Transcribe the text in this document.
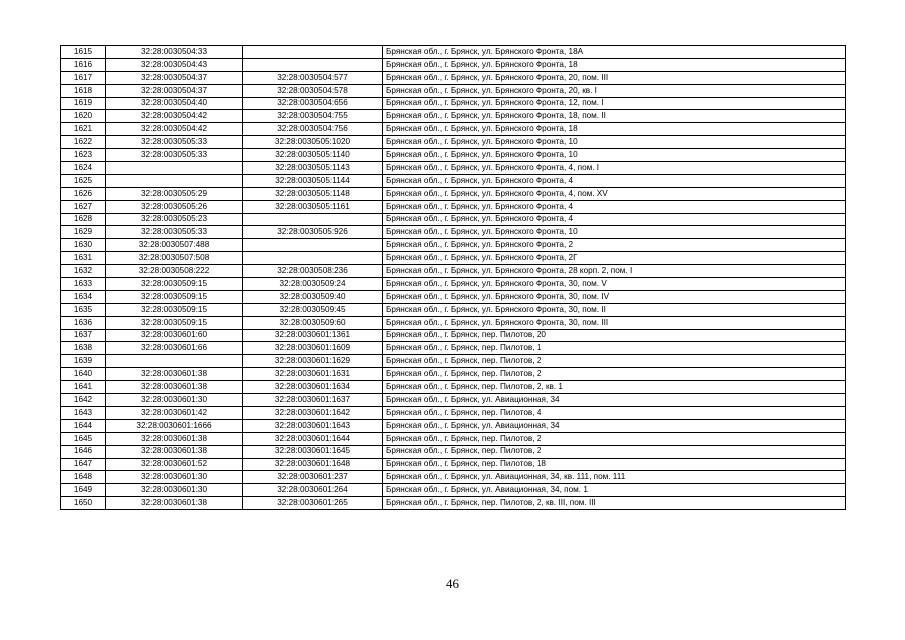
1615	32:28:0030504:33		Брянская обл., г. Брянск, ул. Брянского Фронта, 18А
1616	32:28:0030504:43		Брянская обл., г. Брянск, ул. Брянского Фронта, 18
1617	32:28:0030504:37	32:28:0030504:577	Брянская обл., г. Брянск, ул. Брянского Фронта, 20, пом. III
1618	32:28:0030504:37	32:28:0030504:578	Брянская обл., г. Брянск, ул. Брянского Фронта, 20, кв. I
1619	32:28:0030504:40	32:28:0030504:656	Брянская обл., г. Брянск, ул. Брянского Фронта, 12, пом. I
1620	32:28:0030504:42	32:28:0030504:755	Брянская обл., г. Брянск, ул. Брянского Фронта, 18, пом. II
1621	32:28:0030504:42	32:28:0030504:756	Брянская обл., г. Брянск, ул. Брянского Фронта, 18
1622	32:28:0030505:33	32:28:0030505:1020	Брянская обл., г. Брянск, ул. Брянского Фронта, 10
1623	32:28:0030505:33	32:28:0030505:1140	Брянская обл., г. Брянск, ул. Брянского Фронта, 10
1624		32:28:0030505:1143	Брянская обл., г. Брянск, ул. Брянского Фронта, 4, пом. I
1625		32:28:0030505:1144	Брянская обл., г. Брянск, ул. Брянского Фронта, 4
1626	32:28:0030505:29	32:28:0030505:1148	Брянская обл., г. Брянск, ул. Брянского Фронта, 4, пом. XV
1627	32:28:0030505:26	32:28:0030505:1161	Брянская обл., г. Брянск, ул. Брянского Фронта, 4
1628	32:28:0030505:23		Брянская обл., г. Брянск, ул. Брянского Фронта, 4
1629	32:28:0030505:33	32:28:0030505:926	Брянская обл., г. Брянск, ул. Брянского Фронта, 10
1630	32:28:0030507:488		Брянская обл., г. Брянск, ул. Брянского Фронта, 2
1631	32:28:0030507:508		Брянская обл., г. Брянск, ул. Брянского Фронта, 2Г
1632	32:28:0030508:222	32:28:0030508:236	Брянская обл., г. Брянск, ул. Брянского Фронта, 28 корп. 2, пом. I
1633	32:28:0030509:15	32:28:0030509:24	Брянская обл., г. Брянск, ул. Брянского Фронта, 30, пом. V
1634	32:28:0030509:15	32:28:0030509:40	Брянская обл., г. Брянск, ул. Брянского Фронта, 30, пом. IV
1635	32:28:0030509:15	32:28:0030509:45	Брянская обл., г. Брянск, ул. Брянского Фронта, 30, пом. II
1636	32:28:0030509:15	32:28:0030509:60	Брянская обл., г. Брянск, ул. Брянского Фронта, 30, пом. III
1637	32:28:0030601:60	32:28:0030601:1361	Брянская обл., г. Брянск, пер. Пилотов, 20
1638	32:28:0030601:66	32:28:0030601:1609	Брянская обл., г. Брянск, пер. Пилотов, 1
1639		32:28:0030601:1629	Брянская обл., г. Брянск, пер. Пилотов, 2
1640	32:28:0030601:38	32:28:0030601:1631	Брянская обл., г. Брянск, пер. Пилотов, 2
1641	32:28:0030601:38	32:28:0030601:1634	Брянская обл., г. Брянск, пер. Пилотов, 2, кв. 1
1642	32:28:0030601:30	32:28:0030601:1637	Брянская обл., г. Брянск, ул. Авиационная, 34
1643	32:28:0030601:42	32:28:0030601:1642	Брянская обл., г. Брянск, пер. Пилотов, 4
1644	32:28:0030601:1666	32:28:0030601:1643	Брянская обл., г. Брянск, ул. Авиационная, 34
1645	32:28:0030601:38	32:28:0030601:1644	Брянская обл., г. Брянск, пер. Пилотов, 2
1646	32:28:0030601:38	32:28:0030601:1645	Брянская обл., г. Брянск, пер. Пилотов, 2
1647	32:28:0030601:52	32:28:0030601:1648	Брянская обл., г. Брянск, пер. Пилотов, 18
1648	32:28:0030601:30	32:28:0030601:237	Брянская обл., г. Брянск, ул. Авиационная, 34, кв. 111, пом. 111
1649	32:28:0030601:30	32:28:0030601:264	Брянская обл., г. Брянск, ул. Авиационная, 34, пом. 1
1650	32:28:0030601:38	32:28:0030601:265	Брянская обл., г. Брянск, пер. Пилотов, 2, кв. III, пом. III
46
